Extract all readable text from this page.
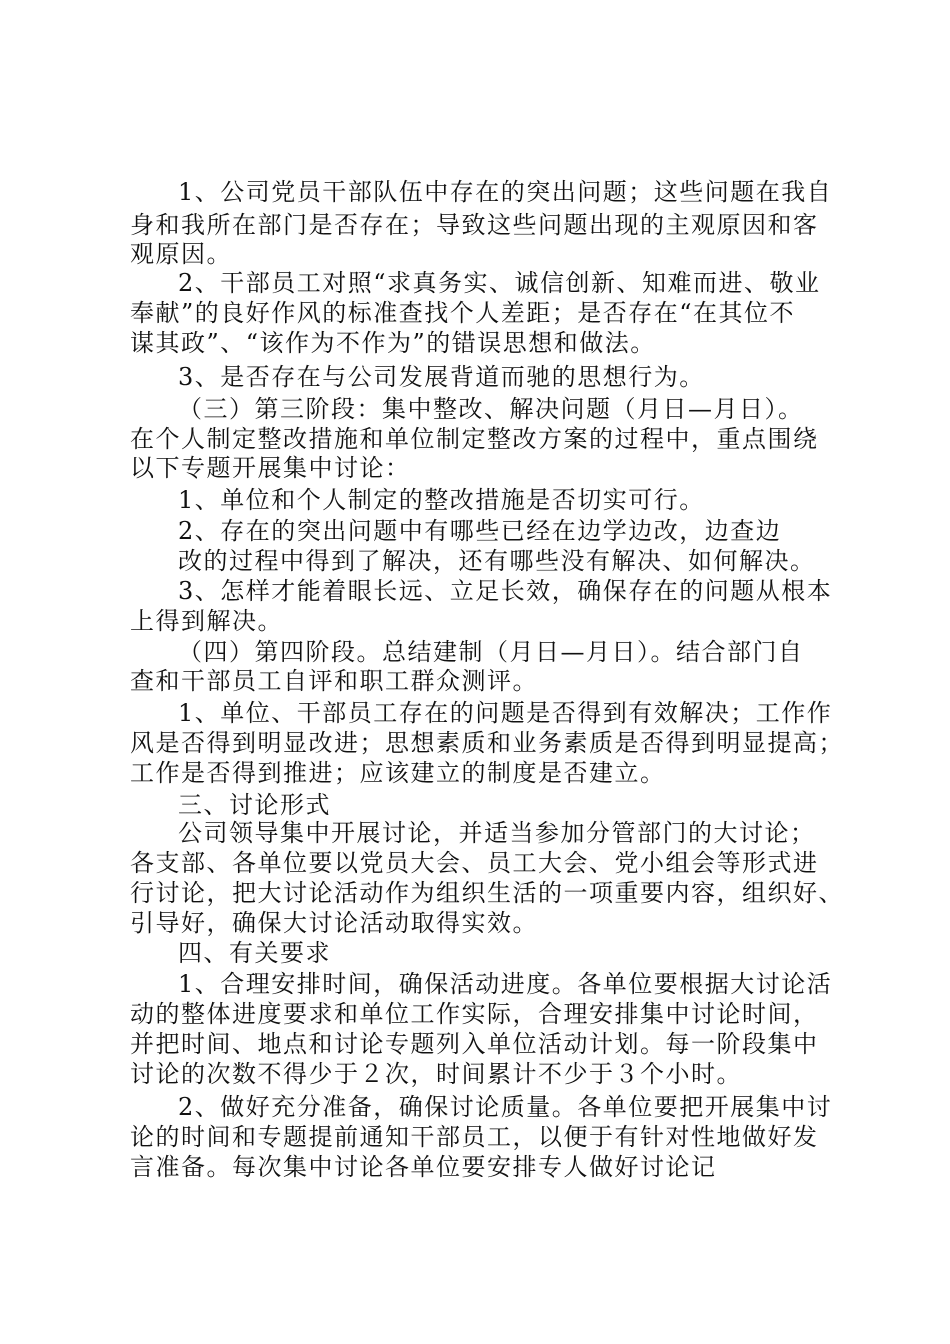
1、公司党员干部队伍中存在的突出问题；这些问题在我自
身和我所在部门是否存在；导致这些问题出现的主观原因和客
观原因。
2、干部员工对照“求真务实、诚信创新、知难而进、敬业
奉献”的良好作风的标准查找个人差距；是否存在“在其位不
谋其政”、“该作为不作为”的错误思想和做法。
3、是否存在与公司发展背道而驰的思想行为。
（三）第三阶段：集中整改、解决问题（月日—月日）。
在个人制定整改措施和单位制定整改方案的过程中，重点围绕
以下专题开展集中讨论：
1、单位和个人制定的整改措施是否切实可行。
2、存在的突出问题中有哪些已经在边学边改，边查边
改的过程中得到了解决，还有哪些没有解决、如何解决。
3、怎样才能着眼长远、立足长效，确保存在的问题从根本
上得到解决。
（四）第四阶段。总结建制（月日—月日）。结合部门自
查和干部员工自评和职工群众测评。
1、单位、干部员工存在的问题是否得到有效解决；工作作
风是否得到明显改进；思想素质和业务素质是否得到明显提高；
工作是否得到推进；应该建立的制度是否建立。
三、讨论形式
公司领导集中开展讨论，并适当参加分管部门的大讨论；
各支部、各单位要以党员大会、员工大会、党小组会等形式进
行讨论，把大讨论活动作为组织生活的一项重要内容，组织好、
引导好，确保大讨论活动取得实效。
四、有关要求
1、合理安排时间，确保活动进度。各单位要根据大讨论活
动的整体进度要求和单位工作实际，合理安排集中讨论时间，
并把时间、地点和讨论专题列入单位活动计划。每一阶段集中
讨论的次数不得少于２次，时间累计不少于３个小时。
2、做好充分准备，确保讨论质量。各单位要把开展集中讨
论的时间和专题提前通知干部员工，以便于有针对性地做好发
言准备。每次集中讨论各单位要安排专人做好讨论记
